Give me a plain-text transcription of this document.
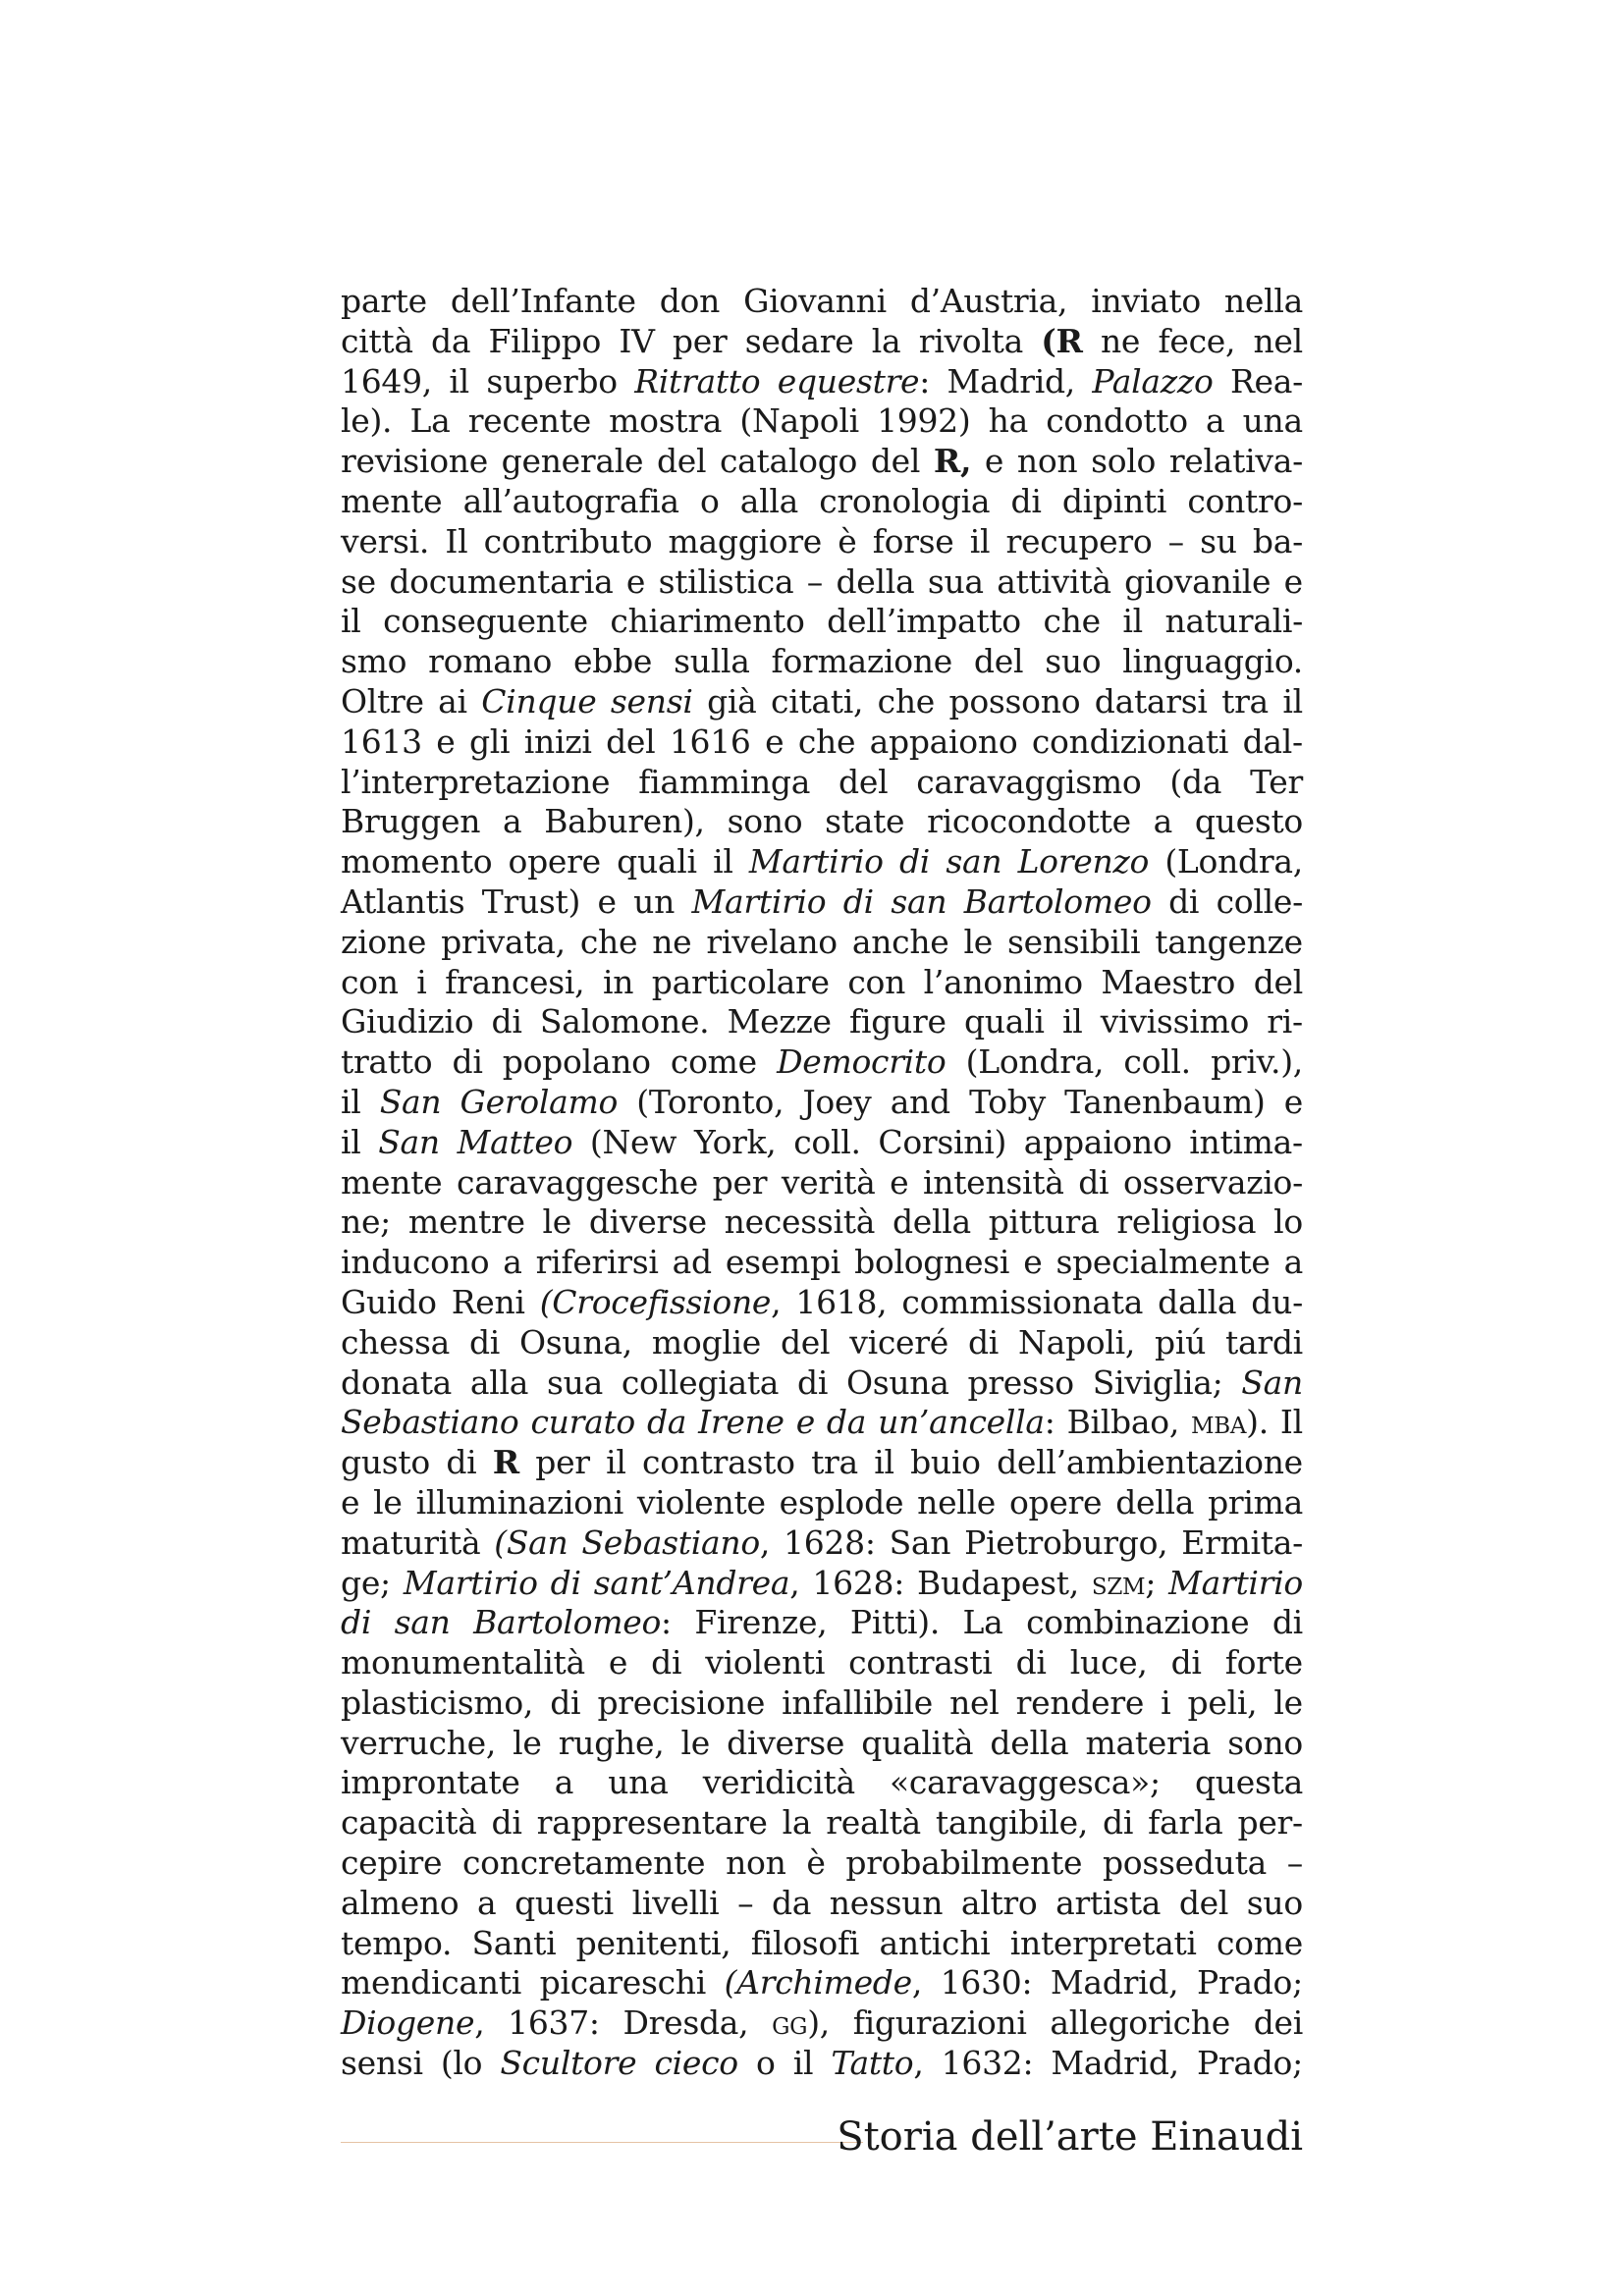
parte dell’Infante don Giovanni d’Austria, inviato nella
città da Filippo IV per sedare la rivolta (R ne fece, nel
1649, il superbo Ritratto equestre: Madrid, Palazzo Rea-
le). La recente mostra (Napoli 1992) ha condotto a una
revisione generale del catalogo del R, e non solo relativa-
mente all’autografia o alla cronologia di dipinti contro-
versi. Il contributo maggiore è forse il recupero – su ba-
se documentaria e stilistica – della sua attività giovanile e
il conseguente chiarimento dell’impatto che il naturali-
smo romano ebbe sulla formazione del suo linguaggio.
Oltre ai Cinque sensi già citati, che possono datarsi tra il
1613 e gli inizi del 1616 e che appaiono condizionati dal-
l’interpretazione fiamminga del caravaggismo (da Ter
Bruggen a Baburen), sono state ricocondotte a questo
momento opere quali il Martirio di san Lorenzo (Londra,
Atlantis Trust) e un Martirio di san Bartolomeo di colle-
zione privata, che ne rivelano anche le sensibili tangenze
con i francesi, in particolare con l’anonimo Maestro del
Giudizio di Salomone. Mezze figure quali il vivissimo ri-
tratto di popolano come Democrito (Londra, coll. priv.),
il San Gerolamo (Toronto, Joey and Toby Tanenbaum) e
il San Matteo (New York, coll. Corsini) appaiono intima-
mente caravaggesche per verità e intensità di osservazio-
ne; mentre le diverse necessità della pittura religiosa lo
inducono a riferirsi ad esempi bolognesi e specialmente a
Guido Reni (Crocefissione, 1618, commissionata dalla du-
chessa di Osuna, moglie del viceré di Napoli, piú tardi
donata alla sua collegiata di Osuna presso Siviglia; San
Sebastiano curato da Irene e da un’ancella: Bilbao, mba). Il
gusto di R per il contrasto tra il buio dell’ambientazione
e le illuminazioni violente esplode nelle opere della prima
maturità (San Sebastiano, 1628: San Pietroburgo, Ermita-
ge; Martirio di sant’Andrea, 1628: Budapest, szm; Martirio
di san Bartolomeo: Firenze, Pitti). La combinazione di
monumentalità e di violenti contrasti di luce, di forte
plasticismo, di precisione infallibile nel rendere i peli, le
verruche, le rughe, le diverse qualità della materia sono
improntate a una veridicità «caravaggesca»; questa
capacità di rappresentare la realtà tangibile, di farla per-
cepire concretamente non è probabilmente posseduta –
almeno a questi livelli – da nessun altro artista del suo
tempo. Santi penitenti, filosofi antichi interpretati come
mendicanti picareschi (Archimede, 1630: Madrid, Prado;
Diogene, 1637: Dresda, gg), figurazioni allegoriche dei
sensi (lo Scultore cieco o il Tatto, 1632: Madrid, Prado;
Storia dell’arte Einaudi
